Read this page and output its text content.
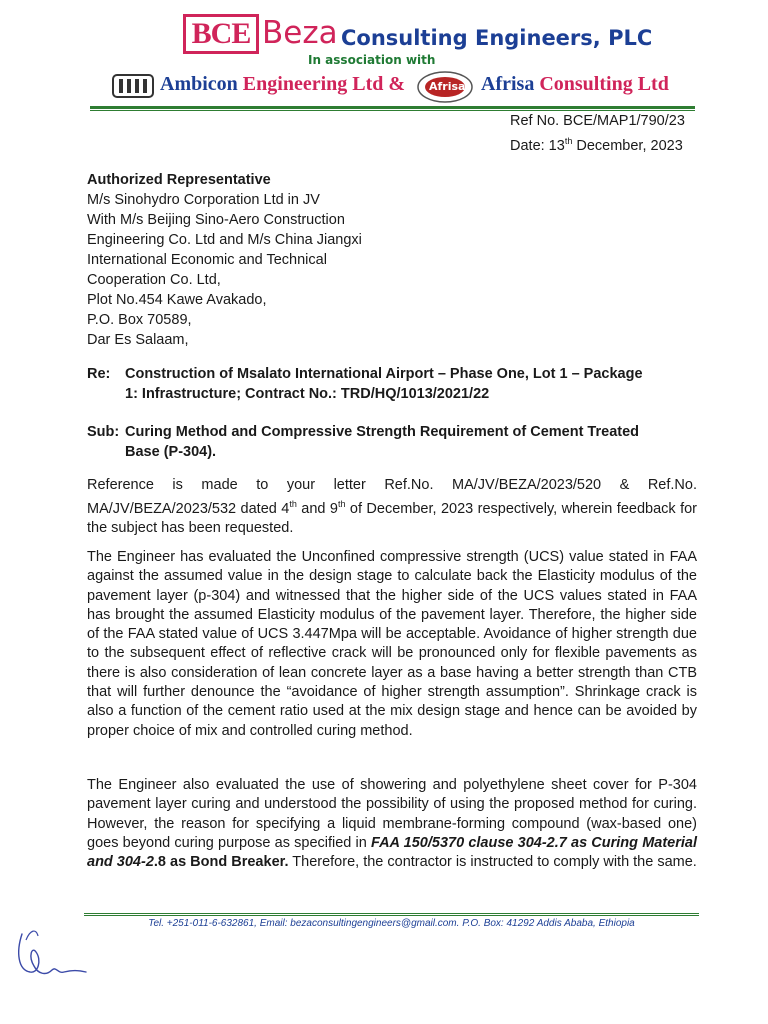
BCE Beza Consulting Engineers, PLC
In association with
Ambicon Engineering Ltd & Afrisa Afrisa Consulting Ltd
Ref No. BCE/MAP1/790/23
Date: 13th December, 2023
Authorized Representative
M/s Sinohydro Corporation Ltd in JV
With M/s Beijing Sino-Aero Construction
Engineering Co. Ltd and M/s China Jiangxi
International Economic and Technical
Cooperation Co. Ltd,
Plot No.454 Kawe Avakado,
P.O. Box 70589,
Dar Es Salaam,
Re: Construction of Msalato International Airport – Phase One, Lot 1 – Package
1: Infrastructure; Contract No.: TRD/HQ/1013/2021/22
Sub: Curing Method and Compressive Strength Requirement of Cement Treated
Base (P-304).
Reference is made to your letter Ref.No. MA/JV/BEZA/2023/520 & Ref.No. MA/JV/BEZA/2023/532 dated 4th and 9th of December, 2023 respectively, wherein feedback for the subject has been requested.
The Engineer has evaluated the Unconfined compressive strength (UCS) value stated in FAA against the assumed value in the design stage to calculate back the Elasticity modulus of the pavement layer (p-304) and witnessed that the higher side of the UCS values stated in FAA has brought the assumed Elasticity modulus of the pavement layer. Therefore, the higher side of the FAA stated value of UCS 3.447Mpa will be acceptable. Avoidance of higher strength due to the subsequent effect of reflective crack will be pronounced only for flexible pavements as there is also consideration of lean concrete layer as a base having a better strength than CTB that will further denounce the “avoidance of higher strength assumption”. Shrinkage crack is also a function of the cement ratio used at the mix design stage and hence can be avoided by proper choice of mix and controlled curing method.
The Engineer also evaluated the use of showering and polyethylene sheet cover for P-304 pavement layer curing and understood the possibility of using the proposed method for curing. However, the reason for specifying a liquid membrane-forming compound (wax-based one) goes beyond curing purpose as specified in FAA 150/5370 clause 304-2.7 as Curing Material and 304-2.8 as Bond Breaker. Therefore, the contractor is instructed to comply with the same.
Tel. +251-011-6-632861, Email: bezaconsultingengineers@gmail.com. P.O. Box: 41292 Addis Ababa, Ethiopia
